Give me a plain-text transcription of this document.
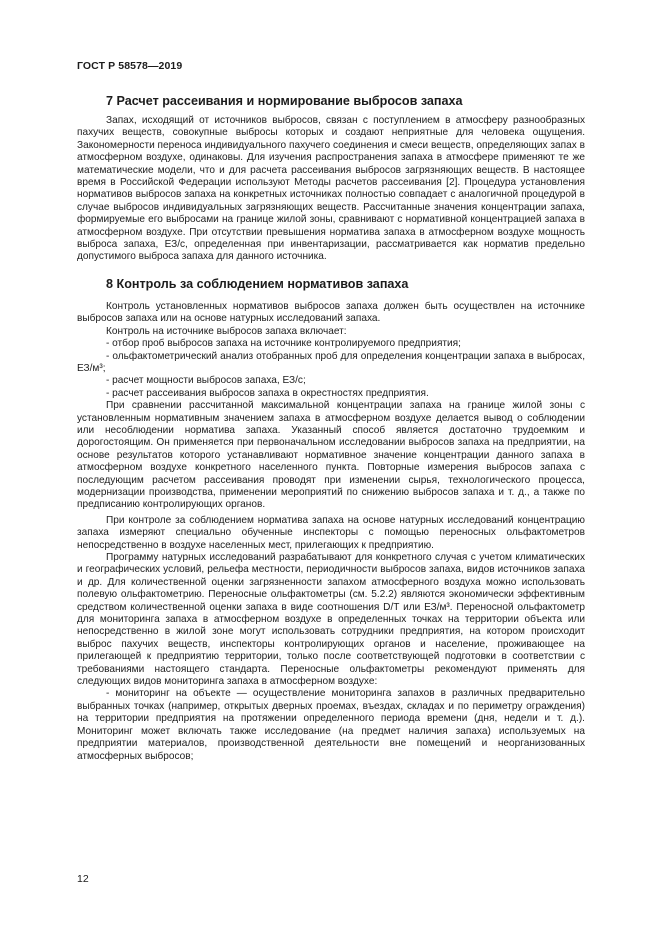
ГОСТ Р 58578—2019
7 Расчет рассеивания и нормирование выбросов запаха

Запах, исходящий от источников выбросов, связан с поступлением в атмосферу разнообразных пахучих веществ, совокупные выбросы которых и создают неприятные для человека ощущения. Закономерности переноса индивидуального пахучего соединения и смеси веществ, определяющих запах в атмосферном воздухе, одинаковы. Для изучения распространения запаха в атмосфере применяют те же математические модели, что и для расчета рассеивания выбросов загрязняющих веществ. В настоящее время в Российской Федерации используют Методы расчетов рассеивания [2]. Процедура установления нормативов выбросов запаха на конкретных источниках полностью совпадает с аналогичной процедурой в случае выбросов индивидуальных загрязняющих веществ. Рассчитанные значения концентрации запаха, формируемые его выбросами на границе жилой зоны, сравнивают с нормативной концентрацией запаха в атмосферном воздухе. При отсутствии превышения норматива запаха в атмосферном воздухе мощность выброса запаха, ЕЗ/с, определенная при инвентаризации, рассматривается как норматив предельно допустимого выброса запаха для данного источника.

8 Контроль за соблюдением нормативов запаха

Контроль установленных нормативов выбросов запаха должен быть осуществлен на источнике выбросов запаха или на основе натурных исследований запаха.

Контроль на источнике выбросов запаха включает:

- отбор проб выбросов запаха на источнике контролируемого предприятия;

- ольфактометрический анализ отобранных проб для определения концентрации запаха в выбросах, ЕЗ/м³;

- расчет мощности выбросов запаха, ЕЗ/с;

- расчет рассеивания выбросов запаха в окрестностях предприятия.

При сравнении рассчитанной максимальной концентрации запаха на границе жилой зоны с установленным нормативным значением запаха в атмосферном воздухе делается вывод о соблюдении или несоблюдении норматива запаха. Указанный способ является достаточно трудоемким и дорогостоящим. Он применяется при первоначальном исследовании выбросов запаха на предприятии, на основе результатов которого устанавливают нормативное значение концентрации данного запаха в атмосферном воздухе конкретного населенного пункта. Повторные измерения выбросов запаха с последующим расчетом рассеивания проводят при изменении сырья, технологического процесса, модернизации производства, применении мероприятий по снижению выбросов запаха и т. д., а также по предписанию контролирующих органов.

При контроле за соблюдением норматива запаха на основе натурных исследований концентрацию запаха измеряют специально обученные инспекторы с помощью переносных ольфактометров непосредственно в воздухе населенных мест, прилегающих к предприятию.

Программу натурных исследований разрабатывают для конкретного случая с учетом климатических и географических условий, рельефа местности, периодичности выбросов запаха, видов источников запаха и др. Для количественной оценки загрязненности запахом атмосферного воздуха можно использовать полевую ольфактометрию. Переносные ольфактометры (см. 5.2.2) являются экономически эффективным средством количественной оценки запаха в виде соотношения D/T или ЕЗ/м³. Переносной ольфактометр для мониторинга запаха в атмосферном воздухе в определенных точках на территории объекта или непосредственно в жилой зоне могут использовать сотрудники предприятия, на котором происходит выброс пахучих веществ, инспекторы контролирующих органов и население, проживающее на прилегающей к предприятию территории, только после соответствующей подготовки в соответствии с требованиями настоящего стандарта. Переносные ольфактометры рекомендуют применять для следующих видов мониторинга запаха в атмосферном воздухе:

- мониторинг на объекте — осуществление мониторинга запахов в различных предварительно выбранных точках (например, открытых дверных проемах, въездах, складах и по периметру ограждения) на территории предприятия на протяжении определенного периода времени (дня, недели и т. д.). Мониторинг может включать также исследование (на предмет наличия запаха) используемых на предприятии материалов, производственной деятельности вне помещений и неорганизованных атмосферных выбросов;

12
